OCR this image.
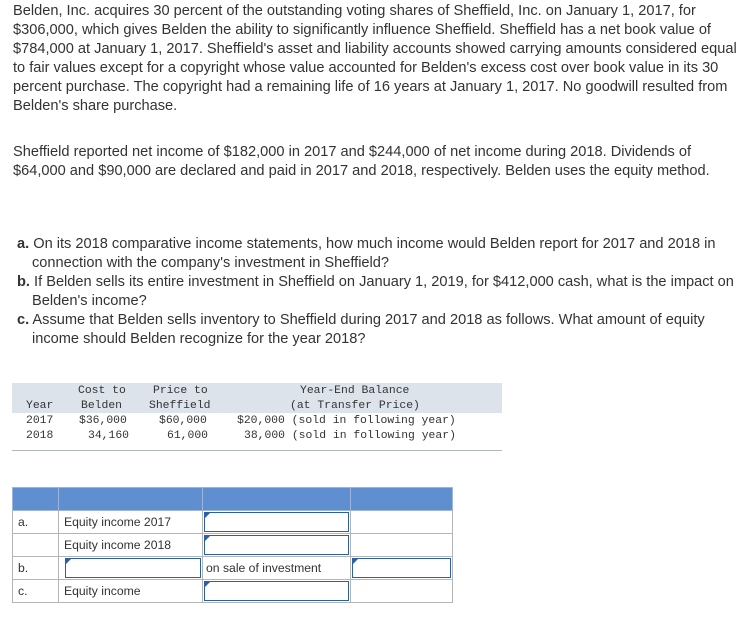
Belden, Inc. acquires 30 percent of the outstanding voting shares of Sheffield, Inc. on January 1, 2017, for $306,000, which gives Belden the ability to significantly influence Sheffield. Sheffield has a net book value of $784,000 at January 1, 2017. Sheffield's asset and liability accounts showed carrying amounts considered equal to fair values except for a copyright whose value accounted for Belden's excess cost over book value in its 30 percent purchase. The copyright had a remaining life of 16 years at January 1, 2017. No goodwill resulted from Belden's share purchase.

Sheffield reported net income of $182,000 in 2017 and $244,000 of net income during 2018. Dividends of $64,000 and $90,000 are declared and paid in 2017 and 2018, respectively. Belden uses the equity method.

a. On its 2018 comparative income statements, how much income would Belden report for 2017 and 2018 in connection with the company's investment in Sheffield?
b. If Belden sells its entire investment in Sheffield on January 1, 2019, for $412,000 cash, what is the impact on Belden's income?
c. Assume that Belden sells inventory to Sheffield during 2017 and 2018 as follows. What amount of equity income should Belden recognize for the year 2018?
Cost to Price to	Year-End Balance
Year Belden Sheffield	(at Transfer Price)
2017 $36,000	$60,000	$20,000 (sold in following year)
2018	34,160	61,000	38,000 (sold in following year)

a.	Equity income 2017	

	Equity income 2018	

b.		on sale of investment	

c.	Equity income	
